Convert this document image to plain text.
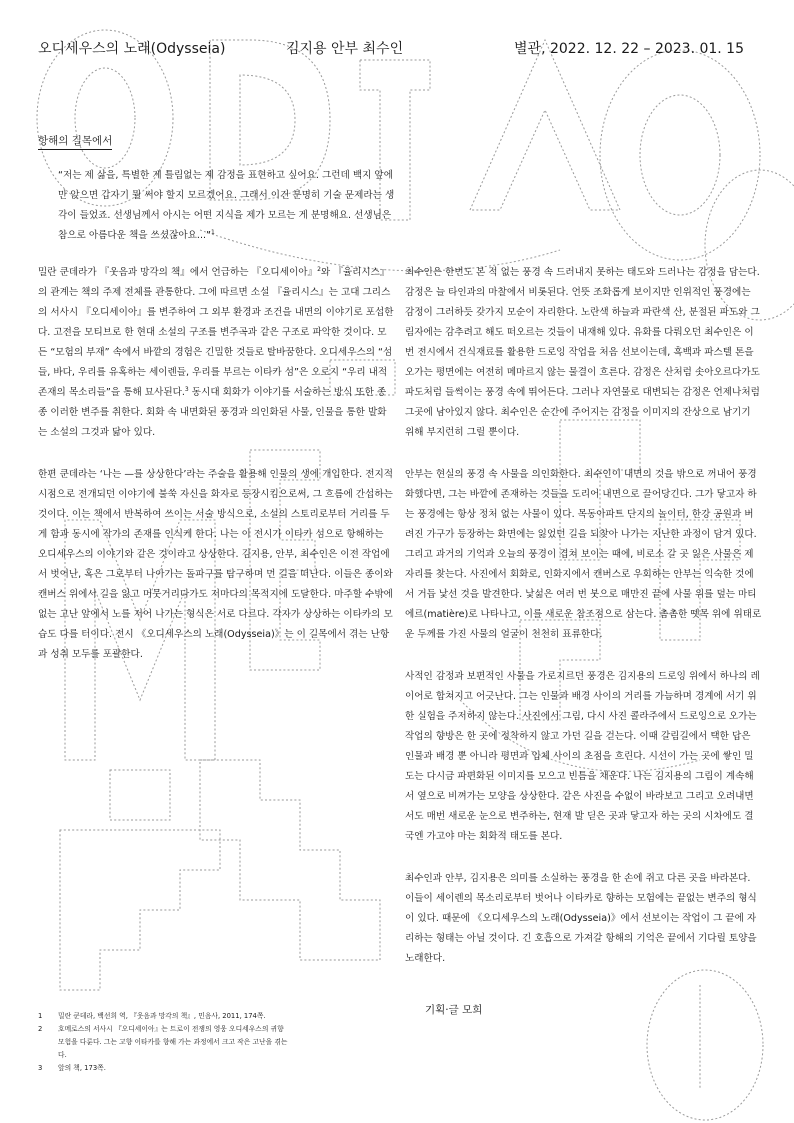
오디세우스의 노래(Odysseia)	김지용 안부 최수인	별관, 2022. 12. 22 – 2023. 01. 15
항해의 길목에서
“저는 제 삶을, 특별한 게 틀림없는 제 감정을 표현하고 싶어요. 그런데 백지 앞에만 앉으면 갑자기 뭘 써야 할지 모르겠어요. 그래서 이건 분명히 기술 문제라는 생각이 들었죠. 선생님께서 아시는 어떤 지식을 제가 모르는 게 분명해요. 선생님은 참으로 아름다운 책을 쓰셨잖아요...”$^1$

밀란 쿤데라가 『웃음과 망각의 책』에서 언급하는 『오디세이아』$^2$와 『율리시스』의 관계는 책의 주제 전체를 관통한다. 그에 따르면 소설 『율리시스』는 고대 그리스의 서사시 『오디세이아』를 변주하여 그 외부 환경과 조건을 내면의 이야기로 포섭한다. 고전을 모티브로 한 현대 소설의 구조를 변주곡과 같은 구조로 파악한 것이다. 모든 “모험의 부재” 속에서 바깥의 경험은 긴밀한 것들로 탈바꿈한다. 오디세우스의 “섬들, 바다, 우리를 유혹하는 세이렌들, 우리를 부르는 이타카 섬”은 오로지 “우리 내적 존재의 목소리들”을 통해 묘사된다.$^3$ 동시대 회화가 이야기를 서술하는 방식 또한 종종 이러한 변주를 취한다. 회화 속 내면화된 풍경과 의인화된 사물, 인물을 통한 발화는 소설의 그것과 닮아 있다.

한편 쿤데라는 ‘나는 —를 상상한다’라는 주술을 활용해 인물의 생에 개입한다. 전지적 시점으로 전개되던 이야기에 불쑥 자신을 화자로 등장시킴으로써, 그 흐름에 간섭하는 것이다. 이는 책에서 반복하여 쓰이는 서술 방식으로, 소설의 스토리로부터 거리를 두게 함과 동시에 작가의 존재를 인식케 한다. 나는 이 전시가 이타카 섬으로 항해하는 오디세우스의 이야기와 같은 것이라고 상상한다. 김지용, 안부, 최수인은 이전 작업에서 벗어난, 혹은 그로부터 나아가는 돌파구를 탐구하며 먼 길을 떠난다. 이들은 종이와 캔버스 위에서 길을 잃고 머뭇거리다가도 저마다의 목적지에 도달한다. 마주할 수밖에 없는 고난 앞에서 노를 저어 나가는 형식은 서로 다르다. 각자가 상상하는 이타카의 모습도 다를 터이다. 전시 《오디세우스의 노래(Odysseia)》는 이 길목에서 겪는 난항과 성취 모두를 포괄한다.

최수인은 한번도 본 적 없는 풍경 속 드러내지 못하는 태도와 드러나는 감정을 담는다. 감정은 늘 타인과의 마찰에서 비롯된다. 언뜻 조화롭게 보이지만 인위적인 풍경에는 감정이 그러하듯 갖가지 모순이 자리한다. 노란색 하늘과 파란색 산, 분절된 파도와 그림자에는 감추려고 해도 떠오르는 것들이 내재해 있다. 유화를 다뤄오던 최수인은 이번 전시에서 건식재료를 활용한 드로잉 작업을 처음 선보이는데, 흑백과 파스텔 톤을 오가는 평면에는 여전히 메마르지 않는 물결이 흐른다. 감정은 산처럼 솟아오르다가도 파도처럼 들썩이는 풍경 속에 뛰어든다. 그러나 자연물로 대변되는 감정은 언제나처럼 그곳에 남아있지 않다. 최수인은 순간에 주어지는 감정을 이미지의 잔상으로 남기기 위해 부지런히 그릴 뿐이다.

안부는 현실의 풍경 속 사물을 의인화한다. 최수인이 내면의 것을 밖으로 꺼내어 풍경화했다면, 그는 바깥에 존재하는 것들을 도리어 내면으로 끌어당긴다. 그가 닿고자 하는 풍경에는 항상 정처 없는 사물이 있다. 목동아파트 단지의 놀이터, 한강 공원과 버려진 가구가 등장하는 화면에는 잃었던 길을 되찾아 나가는 지난한 과정이 담겨 있다. 그리고 과거의 기억과 오늘의 풍경이 겹쳐 보이는 때에, 비로소 갈 곳 잃은 사물은 제자리를 찾는다. 사진에서 회화로, 인화지에서 캔버스로 우회하는 안부는 익숙한 것에서 거듭 낯선 것을 발견한다. 낯섦은 여러 번 붓으로 매만진 끝에 사물 위를 덮는 마티에르(matière)로 나타나고, 이를 새로운 참조점으로 삼는다. 촘촘한 뗏목 위에 위태로운 두께를 가진 사물의 얼굴이 천천히 표류한다.

사적인 감정과 보편적인 사물을 가로지르던 풍경은 김지용의 드로잉 위에서 하나의 레이어로 합쳐지고 어긋난다. 그는 인물과 배경 사이의 거리를 가늠하며 경계에 서기 위한 실험을 주저하지 않는다. 사진에서 그림, 다시 사진 콜라주에서 드로잉으로 오가는 작업의 향방은 한 곳에 정착하지 않고 가던 길을 걷는다. 이때 갈림길에서 택한 답은 인물과 배경 뿐 아니라 평면과 입체 사이의 초점을 흐린다. 시선이 가는 곳에 쌓인 밀도는 다시금 파편화된 이미지를 모으고 빈틈을 채운다. 나는 김지용의 그림이 계속해서 옆으로 비껴가는 모양을 상상한다. 같은 사진을 수없이 바라보고 그리고 오려내면서도 매번 새로운 눈으로 변주하는, 현재 발 딛은 곳과 닿고자 하는 곳의 시차에도 결국엔 가고야 마는 회화적 태도를 본다.

최수인과 안부, 김지용은 의미를 소실하는 풍경을 한 손에 쥐고 다른 곳을 바라본다. 이들이 세이렌의 목소리로부터 벗어나 이타카로 향하는 모험에는 끝없는 변주의 형식이 있다. 때문에 《오디세우스의 노래(Odysseia)》에서 선보이는 작업이 그 끝에 자리하는 형태는 아닐 것이다. 긴 호흡으로 가져갈 항해의 기억은 끝에서 기다릴 토양을 노래한다.

기획·글 모희
1	밀란 쿤데라, 백선희 역, 『웃음과 망각의 책』, 민음사, 2011, 174쪽.
2	호메로스의 서사시 『오디세이아』는 트로이 전쟁의 영웅 오디세우스의 귀향 모험을 다룬다. 그는 고향 이타카를 향해 가는 과정에서 크고 작은 고난을 겪는다.
3	앞의 책, 173쪽.
